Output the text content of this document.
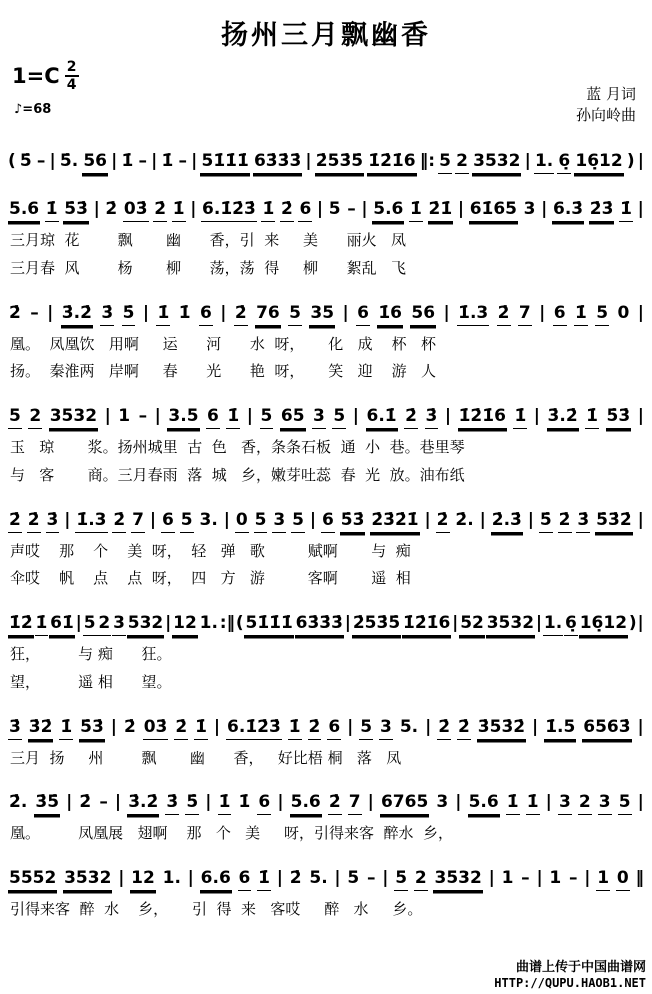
扬州三月飘幽香
$1=C \frac{2}{4}$
♪=68
蓝 月词
孙向岭曲
( 5̇ – | 5̇. 56 | 1̇ – | 1̇ – | 51̇1̇1̇ 63̇3̇3̇ | 2̇53̇5̇ 1̇2̇1̇6 ‖: 5 2 3532 | 1. 6̣ 16̣12 ) |
5.6 1̇ 5̇3̇ | 2̇ 03̇ 2̇ 1̇ | 6.1̇2̇3̇ 1̇ 2̇ 6 | 5 – | 5.6 1̇ 2̇1̇ | 61̇65 3 | 6.3̇ 2̇3̇ 1̇ |
三月琼  花        飘       幽      香，引  来     美      丽火   凤
三月春  风        杨       柳      荡，荡  得     柳      絮乱   飞
2̇ – | 3̇.2̇ 3̇ 5̇ | 1̇ 1̇ 6 | 2̇ 76 5 35 | 6 1̇6 56 | 1̇.3 2̇ 7 | 6 1̇ 5 0 |
凰。  凤凰饮   用啊     运      河      水  呀，     化   成    杯   杯
扬。  秦淮两   岸啊     春      光      艳  呀，     笑   迎    游   人
5 2 3532 | 1 – | 3.5 6 1̇ | 5 65 3 5 | 6.1̇ 2̇ 3̇ | 1̇2̇1̇6 1̇ | 3̇.2̇ 1̇ 5̇3̇ |
玉   琼       浆。扬州城里  古  色   香，条条石板  通  小  巷。巷里琴
与   客       商。三月春雨  落  城   乡，嫩芽吐蕊  春  光  放。油布纸
2̇ 2̇ 3̇ | 1̇.3 2̇ 7 | 6 5 3. | 0 5 3 5 | 6 5̇3̇ 2̇3̇2̇1̇ | 2̇ 2̇. | 2̇.3̇ | 5̇ 2̇ 3̇ 5̇3̇2̇ |
声哎    那    个    美  呀，  轻   弹   歌         赋啊       与  痴
伞哎    帆    点    点  呀，  四   方   游         客啊       遥  相
1̇2̇ 1̇ 61̇ | 5 2 3 532 | 12 1. :‖ ( 51̇1̇1̇ 63̇3̇3̇ | 2̇53̇5̇ 1̇2̇1̇6 | 52 3532 | 1. 6̣ 16̣12 ) |
狂，        与 痴      狂。
望，        遥 相      望。
3̇ 3̇2̇ 1̇ 5̇3̇ | 2̇ 03̇ 2̇ 1̇ | 6.1̇2̇3̇ 1̇ 2̇ 6 | 5 3 5. | 2̇ 2̇ 3̇53̇2̇ | 1̇.5 6563̇ |
三月  扬     州        飘       幽      香，   好比梧 桐   落   凤
2̇. 3̇5̇ | 2̇ – | 3̇.2̇ 3̇ 5̇ | 1̇ 1̇ 6 | 5.6 2̇ 7 | 6765 3 | 5.6 1̇ 1̇ | 3 2 3 5 |
凰。        凤凰展   翅啊    那   个   美     呀，引得来客  醉水  乡，
5552 3532 | 12 1. | 6.6 6 1̇ | 2̇ 5. | 5 – | 5 2 3532 | 1 – | 1 – | 1 0 ‖
引得来客  醉  水    乡，     引  得  来   客哎     醉   水     乡。
曲谱上传于中国曲谱网
HTTP://QUPU.HAOB1.NET
